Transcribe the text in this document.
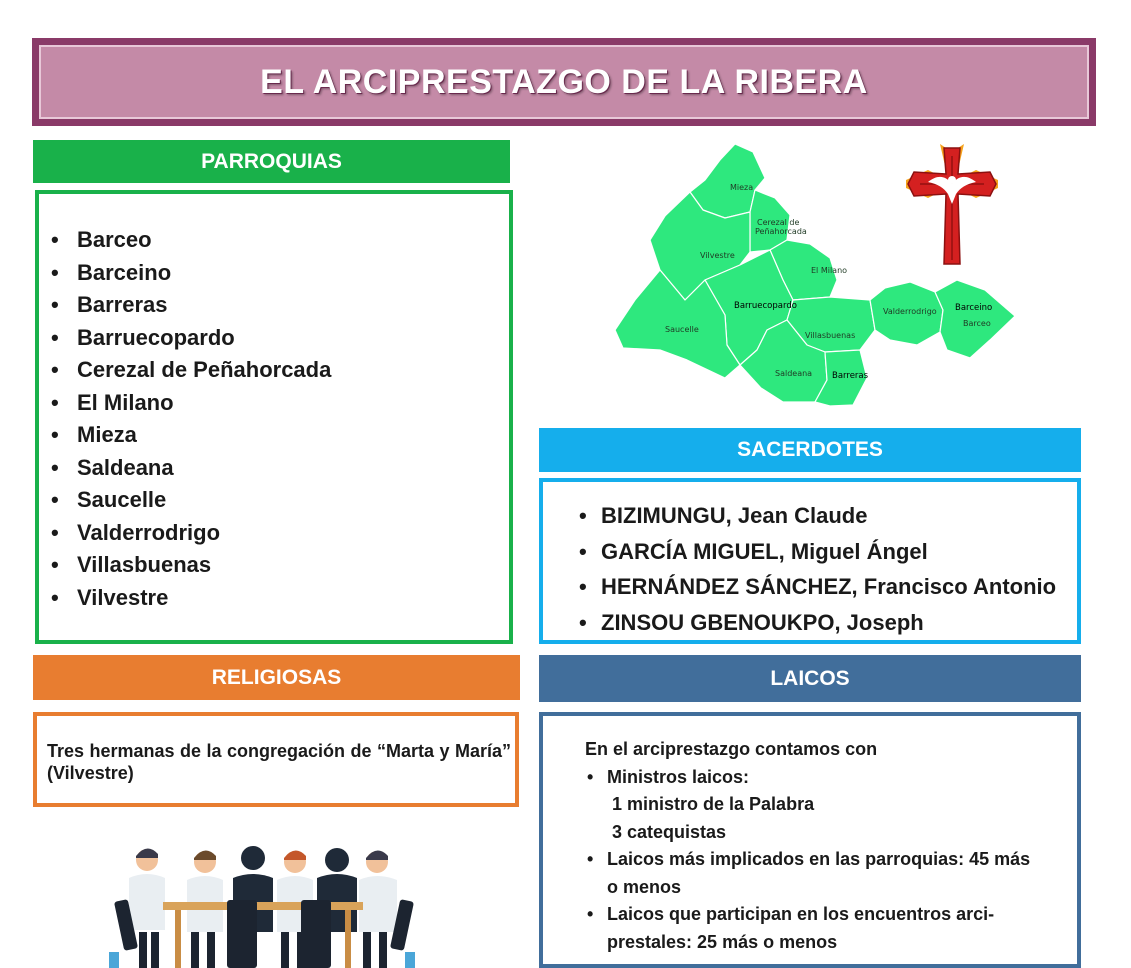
EL ARCIPRESTAZGO DE LA RIBERA
PARROQUIAS
• Barceo
• Barceino
• Barreras
• Barruecopardo
• Cerezal de Peñahorcada
• El Milano
• Mieza
• Saldeana
• Saucelle
• Valderrodrigo
• Villasbuenas
• Vilvestre
Mieza
Cerezal de
Peñahorcada
Vilvestre
El Milano
Barruecopardo
Saucelle
Villasbuenas
Valderrodrigo Barceino
Barceo
Saldeana Barreras
SACERDOTES
• BIZIMUNGU, Jean Claude
• GARCÍA MIGUEL, Miguel Ángel
• HERNÁNDEZ SÁNCHEZ, Francisco Antonio
• ZINSOU GBENOUKPO, Joseph
RELIGIOSAS
Tres hermanas de la congregación de “Marta y María” (Vilvestre)
LAICOS
En el arciprestazgo contamos con
• Ministros laicos:
1 ministro de la Palabra
3 catequistas
• Laicos más implicados en las parroquias: 45 más o menos
• Laicos que participan en los encuentros arci-prestales: 25 más o menos
